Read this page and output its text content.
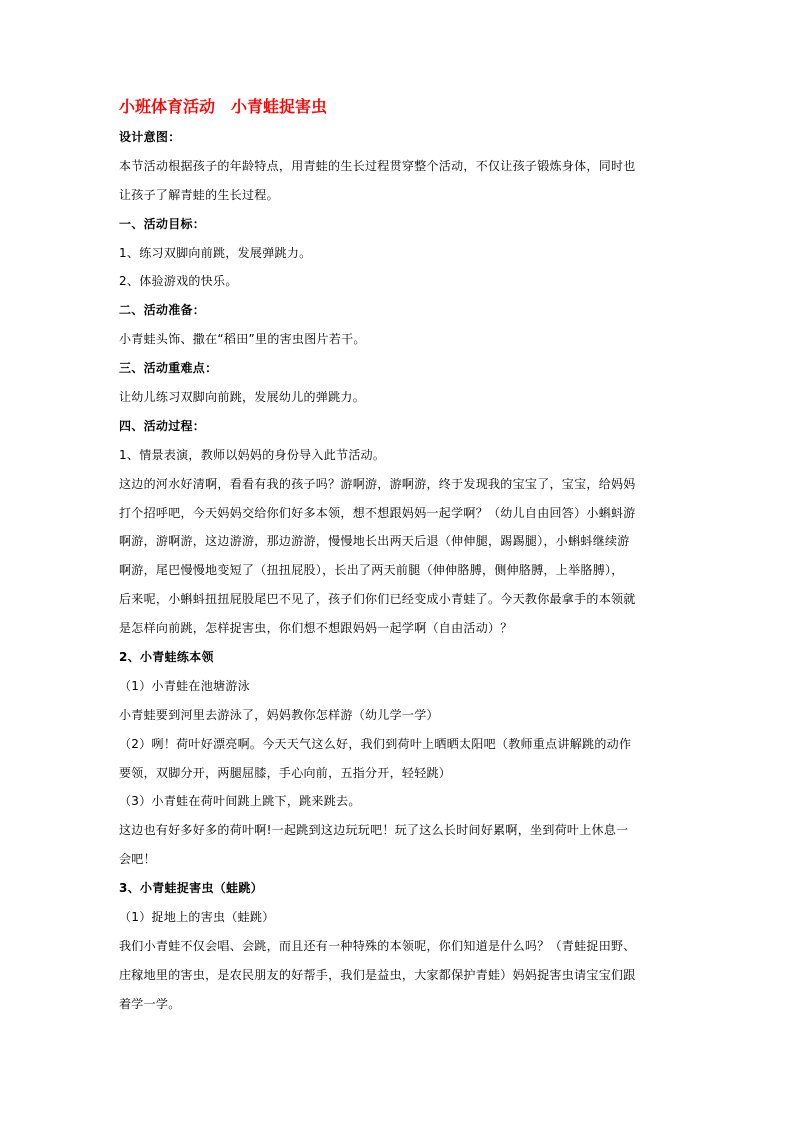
小班体育活动 小青蛙捉害虫
设计意图：
本节活动根据孩子的年龄特点，用青蛙的生长过程贯穿整个活动，不仅让孩子锻炼身体，同时也
让孩子了解青蛙的生长过程。
一、活动目标：
1、练习双脚向前跳，发展弹跳力。
2、体验游戏的快乐。
二、活动准备：
小青蛙头饰、撒在“稻田”里的害虫图片若干。
三、活动重难点：
让幼儿练习双脚向前跳，发展幼儿的弹跳力。
四、活动过程：
1、情景表演，教师以妈妈的身份导入此节活动。
这边的河水好清啊，看看有我的孩子吗？游啊游，游啊游，终于发现我的宝宝了，宝宝，给妈妈
打个招呼吧，今天妈妈交给你们好多本领，想不想跟妈妈一起学啊？（幼儿自由回答）小蝌蚪游
啊游，游啊游，这边游游，那边游游，慢慢地长出两天后退（伸伸腿，踢踢腿），小蝌蚪继续游
啊游，尾巴慢慢地变短了（扭扭屁股），长出了两天前腿（伸伸胳膊，侧伸胳膊，上举胳膊），
后来呢，小蝌蚪扭扭屁股尾巴不见了，孩子们你们已经变成小青蛙了。今天教你最拿手的本领就
是怎样向前跳，怎样捉害虫，你们想不想跟妈妈一起学啊（自由活动）？
2、小青蛙练本领
（1）小青蛙在池塘游泳
小青蛙要到河里去游泳了，妈妈教你怎样游（幼儿学一学）
（2）咧！荷叶好漂亮啊。今天天气这么好，我们到荷叶上晒晒太阳吧（教师重点讲解跳的动作
要领，双脚分开，两腿屈膝，手心向前，五指分开，轻轻跳）
（3）小青蛙在荷叶间跳上跳下，跳来跳去。
这边也有好多好多的荷叶啊!一起跳到这边玩玩吧！玩了这么长时间好累啊，坐到荷叶上休息一
会吧！
3、小青蛙捉害虫（蛙跳）
（1）捉地上的害虫（蛙跳）
我们小青蛙不仅会唱、会跳，而且还有一种特殊的本领呢，你们知道是什么吗？（青蛙捉田野、
庄稼地里的害虫，是农民朋友的好帮手，我们是益虫，大家都保护青蛙）妈妈捉害虫请宝宝们跟
着学一学。
